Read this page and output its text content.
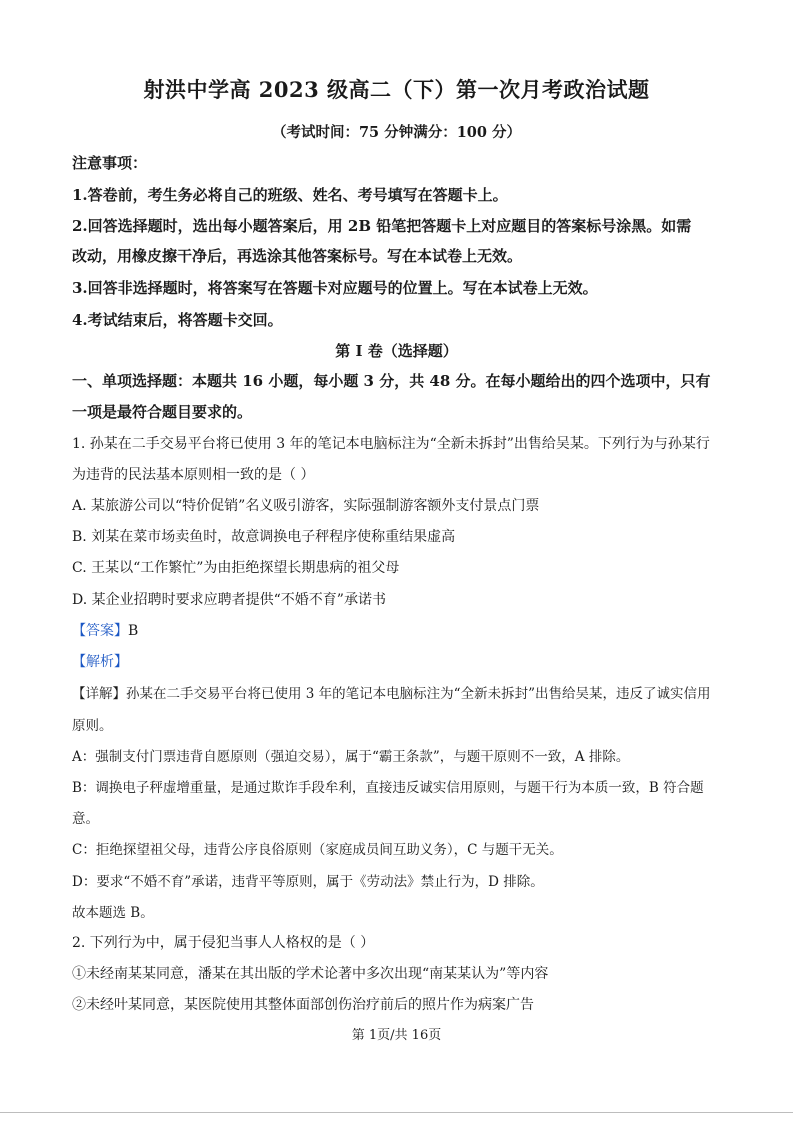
射洪中学高 2023 级高二（下）第一次月考政治试题
（考试时间：75 分钟满分：100 分）
注意事项：
1.答卷前，考生务必将自己的班级、姓名、考号填写在答题卡上。
2.回答选择题时，选出每小题答案后，用 2B 铅笔把答题卡上对应题目的答案标号涂黑。如需
改动，用橡皮擦干净后，再选涂其他答案标号。写在本试卷上无效。
3.回答非选择题时，将答案写在答题卡对应题号的位置上。写在本试卷上无效。
4.考试结束后，将答题卡交回。
第 I 卷（选择题）
一、单项选择题：本题共 16 小题，每小题 3 分，共 48 分。在每小题给出的四个选项中，只有
一项是最符合题目要求的。
1. 孙某在二手交易平台将已使用 3 年的笔记本电脑标注为“全新未拆封”出售给吴某。下列行为与孙某行
为违背的民法基本原则相一致的是（ ）
A. 某旅游公司以“特价促销”名义吸引游客，实际强制游客额外支付景点门票
B. 刘某在菜市场卖鱼时，故意调换电子秤程序使称重结果虚高
C. 王某以“工作繁忙”为由拒绝探望长期患病的祖父母
D. 某企业招聘时要求应聘者提供“不婚不育”承诺书
【答案】B
【解析】
【详解】孙某在二手交易平台将已使用 3 年的笔记本电脑标注为“全新未拆封”出售给吴某，违反了诚实信用
原则。
A：强制支付门票违背自愿原则（强迫交易），属于“霸王条款”，与题干原则不一致，A 排除。
B：调换电子秤虚增重量，是通过欺诈手段牟利，直接违反诚实信用原则，与题干行为本质一致，B 符合题
意。
C：拒绝探望祖父母，违背公序良俗原则（家庭成员间互助义务），C 与题干无关。
D：要求“不婚不育”承诺，违背平等原则，属于《劳动法》禁止行为，D 排除。
故本题选 B。
2. 下列行为中，属于侵犯当事人人格权的是（ ）
①未经南某某同意，潘某在其出版的学术论著中多次出现“南某某认为”等内容
②未经叶某同意，某医院使用其整体面部创伤治疗前后的照片作为病案广告
第 1页/共 16页
